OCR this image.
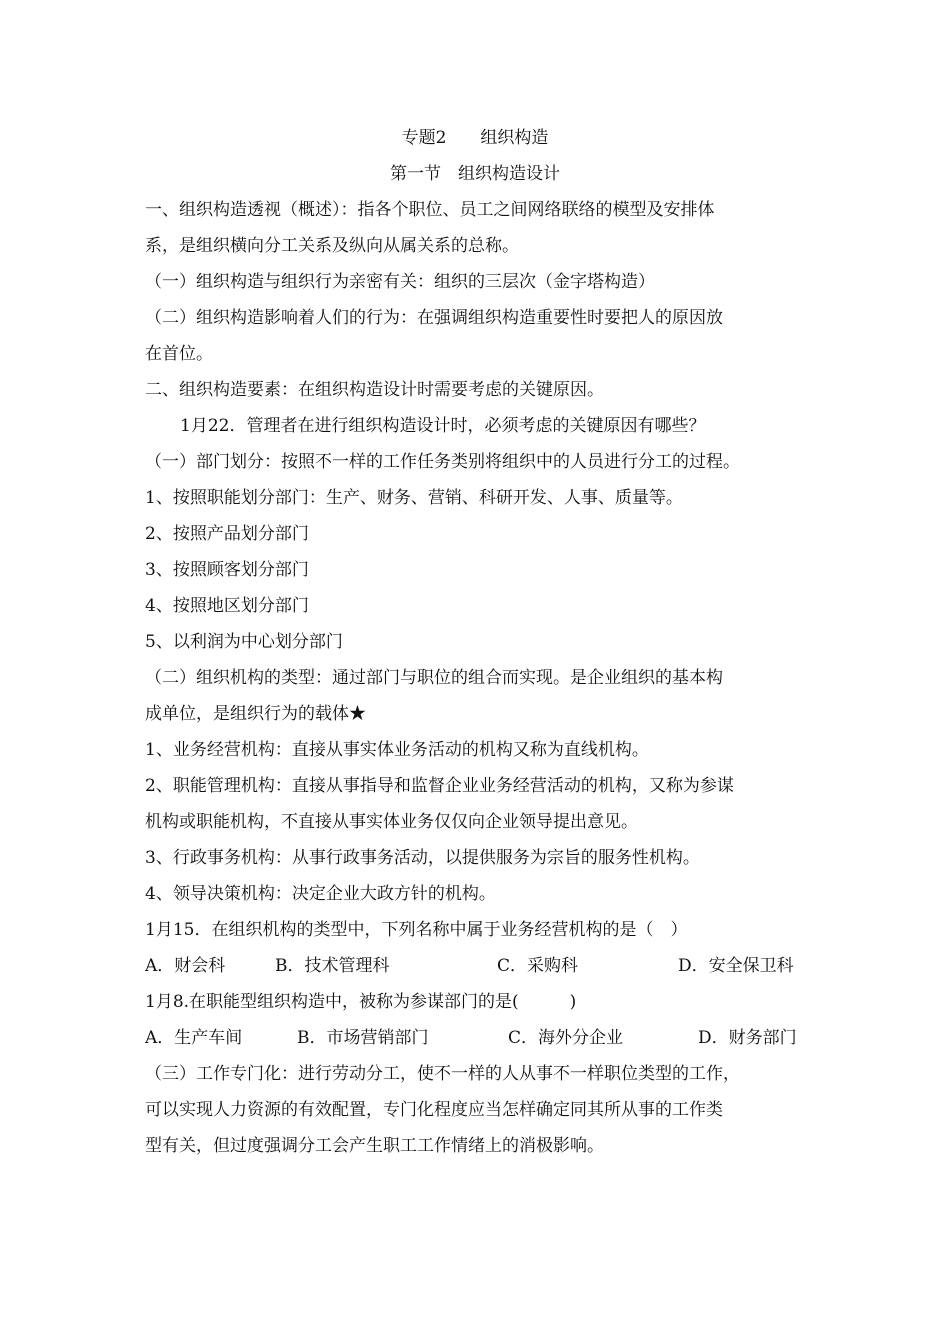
专题2　　组织构造
第一节　组织构造设计
一、组织构造透视（概述）：指各个职位、员工之间网络联络的模型及安排体
系，是组织横向分工关系及纵向从属关系的总称。
（一）组织构造与组织行为亲密有关：组织的三层次（金字塔构造）
（二）组织构造影响着人们的行为：在强调组织构造重要性时要把人的原因放
在首位。
二、组织构造要素：在组织构造设计时需要考虑的关键原因。
1月22．管理者在进行组织构造设计时，必须考虑的关键原因有哪些？
（一）部门划分：按照不一样的工作任务类别将组织中的人员进行分工的过程。
1、按照职能划分部门：生产、财务、营销、科研开发、人事、质量等。
2、按照产品划分部门
3、按照顾客划分部门
4、按照地区划分部门
5、以利润为中心划分部门
（二）组织机构的类型：通过部门与职位的组合而实现。是企业组织的基本构
成单位，是组织行为的载体★
1、业务经营机构：直接从事实体业务活动的机构又称为直线机构。
2、职能管理机构：直接从事指导和监督企业业务经营活动的机构，又称为参谋
机构或职能机构，不直接从事实体业务仅仅向企业领导提出意见。
3、行政事务机构：从事行政事务活动，以提供服务为宗旨的服务性机构。
4、领导决策机构：决定企业大政方针的机构。
1月15．在组织机构的类型中，下列名称中属于业务经营机构的是（　）
A．财会科	B．技术管理科	C．采购科	D．安全保卫科
1月8.在职能型组织构造中，被称为参谋部门的是(　　　)
A．生产车间	B．市场营销部门	C．海外分企业	D．财务部门
（三）工作专门化：进行劳动分工，使不一样的人从事不一样职位类型的工作，
可以实现人力资源的有效配置，专门化程度应当怎样确定同其所从事的工作类
型有关，但过度强调分工会产生职工工作情绪上的消极影响。
